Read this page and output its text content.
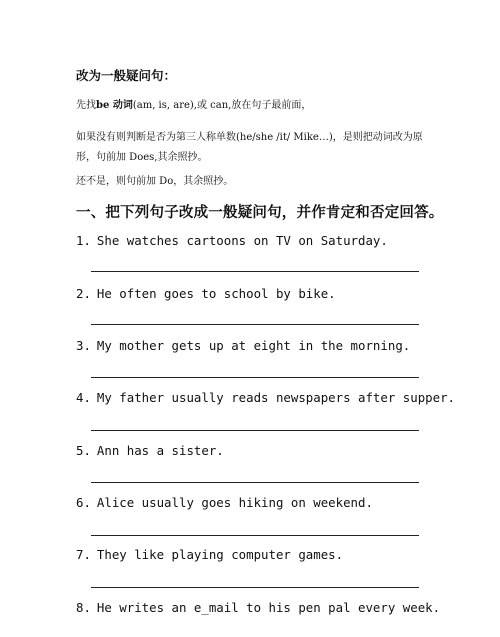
改为一般疑问句：
先找be 动词(am, is, are),或 can,放在句子最前面，
如果没有则判断是否为第三人称单数(he/she /it/ Mike…)，是则把动词改为原形，句前加 Does,其余照抄。
还不是，则句前加 Do，其余照抄。
一、把下列句子改成一般疑问句，并作肯定和否定回答。
1. She watches cartoons on TV on Saturday.
2. He often goes to school by bike.
3. My mother gets up at eight in the morning.
4. My father usually reads newspapers after supper.
5. Ann has a sister.
6. Alice usually goes hiking on weekend.
7. They like playing computer games.
8. He writes an e_mail to his pen pal every week.
